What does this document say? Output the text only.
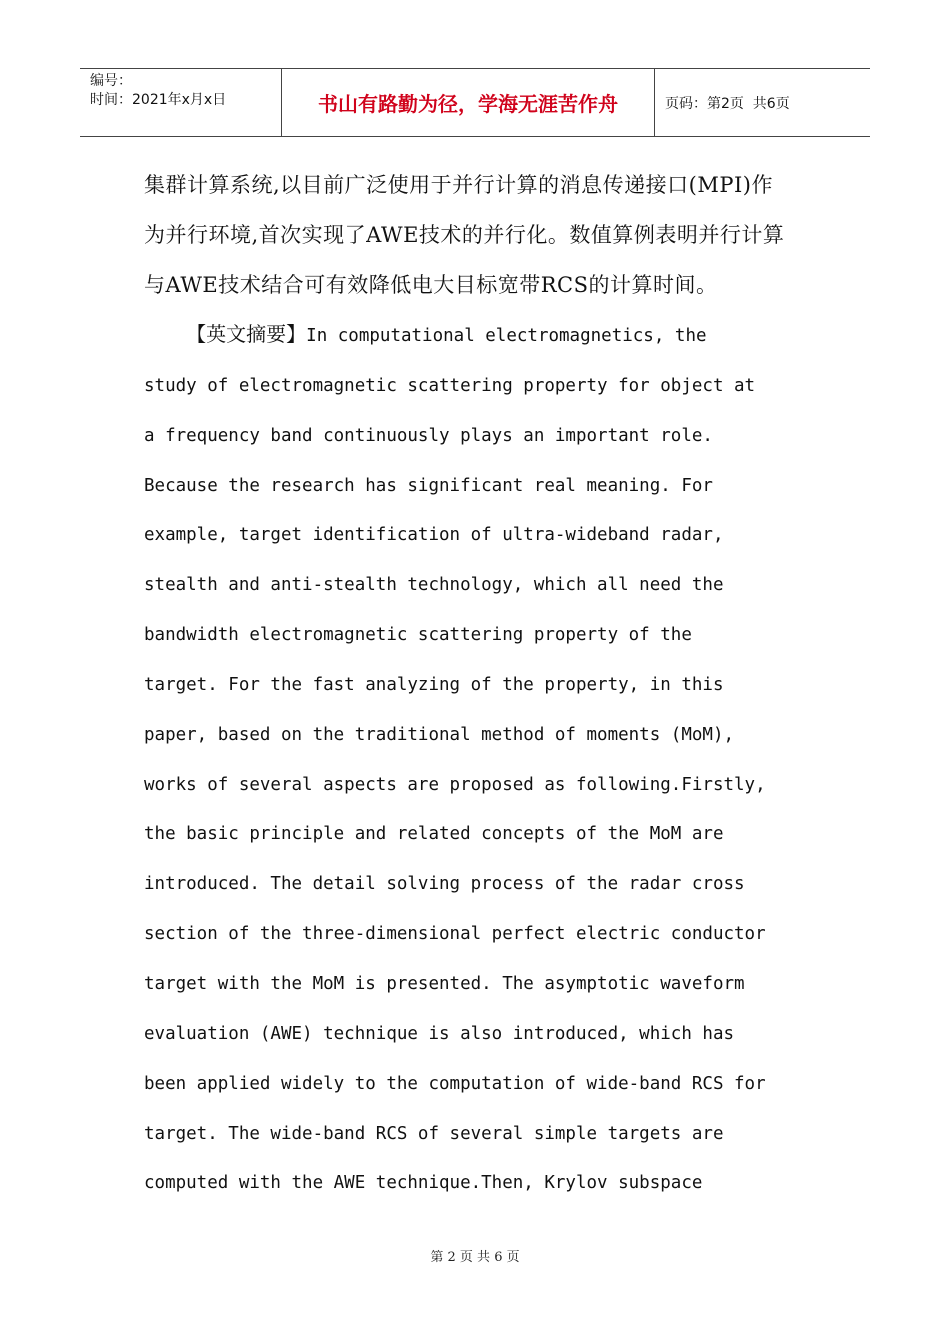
编号：
时间：2021年x月x日	书山有路勤为径，学海无涯苦作舟	页码：第2页  共6页

集群计算系统,以目前广泛使用于并行计算的消息传递接口(MPI)作

为并行环境,首次实现了AWE技术的并行化。数值算例表明并行计算

与AWE技术结合可有效降低电大目标宽带RCS的计算时间。

【英文摘要】In computational electromagnetics, the

study of electromagnetic scattering property for object at

a frequency band continuously plays an important role.

Because the research has significant real meaning. For

example, target identification of ultra-wideband radar,

stealth and anti-stealth technology, which all need the

bandwidth electromagnetic scattering property of the

target. For the fast analyzing of the property, in this

paper, based on the traditional method of moments (MoM),

works of several aspects are proposed as following.Firstly,

the basic principle and related concepts of the MoM are

introduced. The detail solving process of the radar cross

section of the three-dimensional perfect electric conductor

target with the MoM is presented. The asymptotic waveform

evaluation (AWE) technique is also introduced, which has

been applied widely to the computation of wide-band RCS for

target. The wide-band RCS of several simple targets are

computed with the AWE technique.Then, Krylov subspace

第 2 页 共 6 页
